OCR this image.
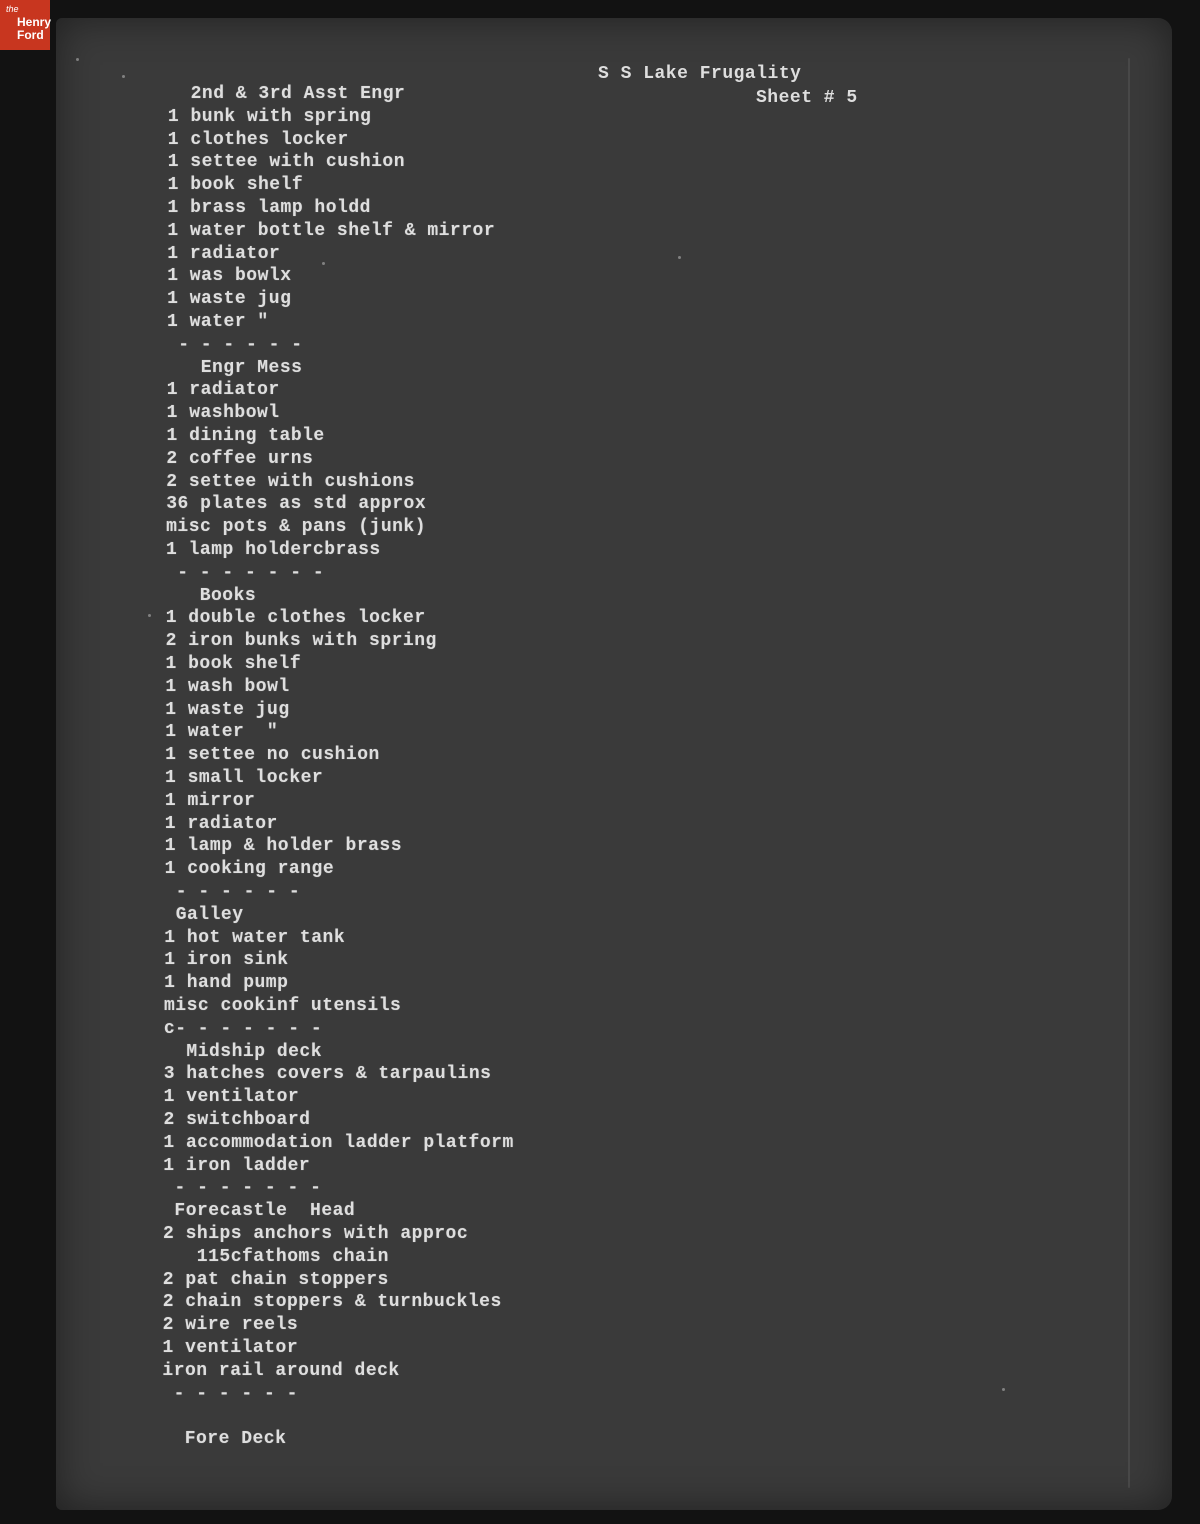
the
Henry
Ford
S S Lake Frugality
Sheet # 5
2nd & 3rd Asst Engr
1 bunk with spring
1 clothes locker
1 settee with cushion
1 book shelf
1 brass lamp holdd
1 water bottle shelf & mirror
1 radiator
1 was bowlx
1 waste jug
1 water "
- - - - - -
Engr Mess
1 radiator
1 washbowl
1 dining table
2 coffee urns
2 settee with cushions
36 plates as std approx
misc pots & pans (junk)
1 lamp holdercbrass
- - - - - - -
Books
1 double clothes locker
2 iron bunks with spring
1 book shelf
1 wash bowl
1 waste jug
1 water  "
1 settee no cushion
1 small locker
1 mirror
1 radiator
1 lamp & holder brass
1 cooking range
- - - - - -
Galley
1 hot water tank
1 iron sink
1 hand pump
misc cookinf utensils
c- - - - - - -
Midship deck
3 hatches covers & tarpaulins
1 ventilator
2 switchboard
1 accommodation ladder platform
1 iron ladder
- - - - - - -
Forecastle  Head
2 ships anchors with approc
115cfathoms chain
2 pat chain stoppers
2 chain stoppers & turnbuckles
2 wire reels
1 ventilator
iron rail around deck
- - - - - -
Fore Deck
